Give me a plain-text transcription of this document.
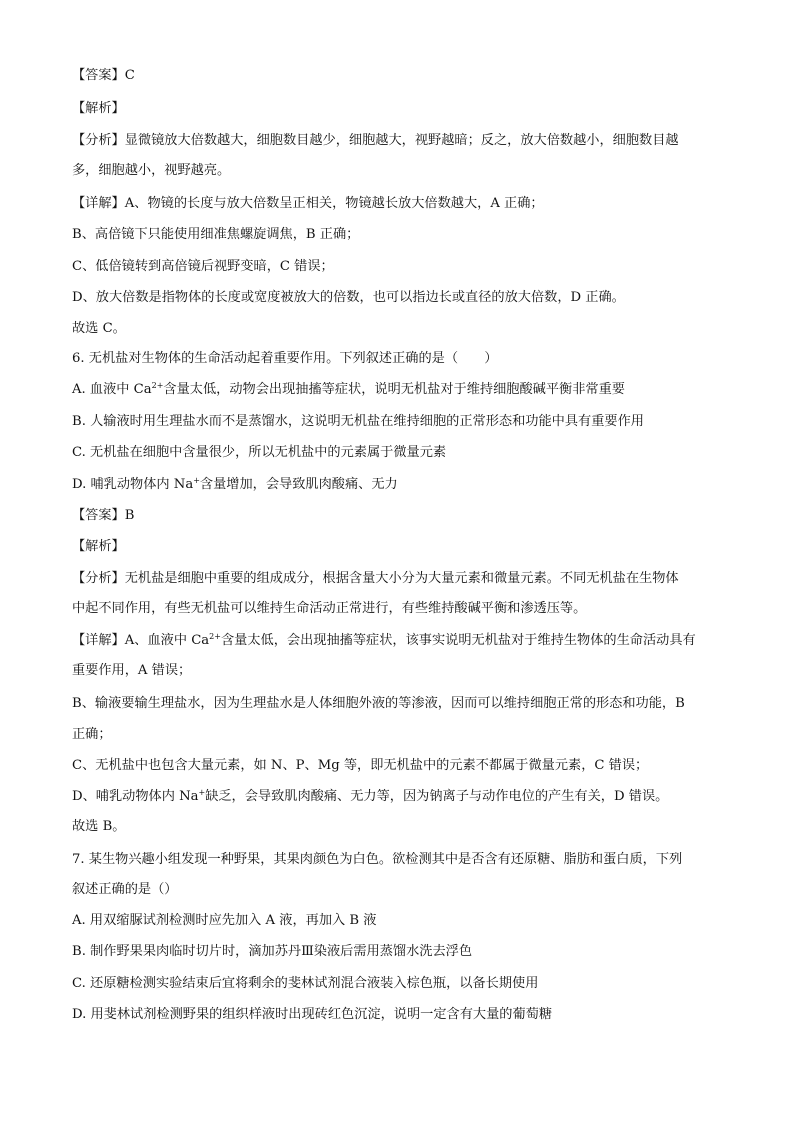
【答案】C
【解析】
【分析】显微镜放大倍数越大，细胞数目越少，细胞越大，视野越暗；反之，放大倍数越小，细胞数目越
多，细胞越小，视野越亮。
【详解】A、物镜的长度与放大倍数呈正相关，物镜越长放大倍数越大，A 正确；
B、高倍镜下只能使用细准焦螺旋调焦，B 正确；
C、低倍镜转到高倍镜后视野变暗，C 错误；
D、放大倍数是指物体的长度或宽度被放大的倍数，也可以指边长或直径的放大倍数，D 正确。
故选 C。
6. 无机盐对生物体的生命活动起着重要作用。下列叙述正确的是（　　）
A. 血液中 $Ca^{2+}$含量太低，动物会出现抽搐等症状，说明无机盐对于维持细胞酸碱平衡非常重要
B. 人输液时用生理盐水而不是蒸馏水，这说明无机盐在维持细胞的正常形态和功能中具有重要作用
C. 无机盐在细胞中含量很少，所以无机盐中的元素属于微量元素
D. 哺乳动物体内 Na+含量增加，会导致肌肉酸痛、无力
【答案】B
【解析】
【分析】无机盐是细胞中重要的组成成分，根据含量大小分为大量元素和微量元素。不同无机盐在生物体
中起不同作用，有些无机盐可以维持生命活动正常进行，有些维持酸碱平衡和渗透压等。
【详解】A、血液中 $Ca^{2+}$含量太低，会出现抽搐等症状，该事实说明无机盐对于维持生物体的生命活动具有
重要作用，A 错误；
B、输液要输生理盐水，因为生理盐水是人体细胞外液的等渗液，因而可以维持细胞正常的形态和功能，B
正确；
C、无机盐中也包含大量元素，如 N、P、Mg 等，即无机盐中的元素不都属于微量元素，C 错误；
D、哺乳动物体内 Na+缺乏，会导致肌肉酸痛、无力等，因为钠离子与动作电位的产生有关，D 错误。
故选 B。
7. 某生物兴趣小组发现一种野果，其果肉颜色为白色。欲检测其中是否含有还原糖、脂肪和蛋白质，下列
叙述正确的是（）
A. 用双缩脲试剂检测时应先加入 A 液，再加入 B 液
B. 制作野果果肉临时切片时，滴加苏丹Ⅲ染液后需用蒸馏水洗去浮色
C. 还原糖检测实验结束后宜将剩余的斐林试剂混合液装入棕色瓶，以备长期使用
D. 用斐林试剂检测野果的组织样液时出现砖红色沉淀，说明一定含有大量的葡萄糖
